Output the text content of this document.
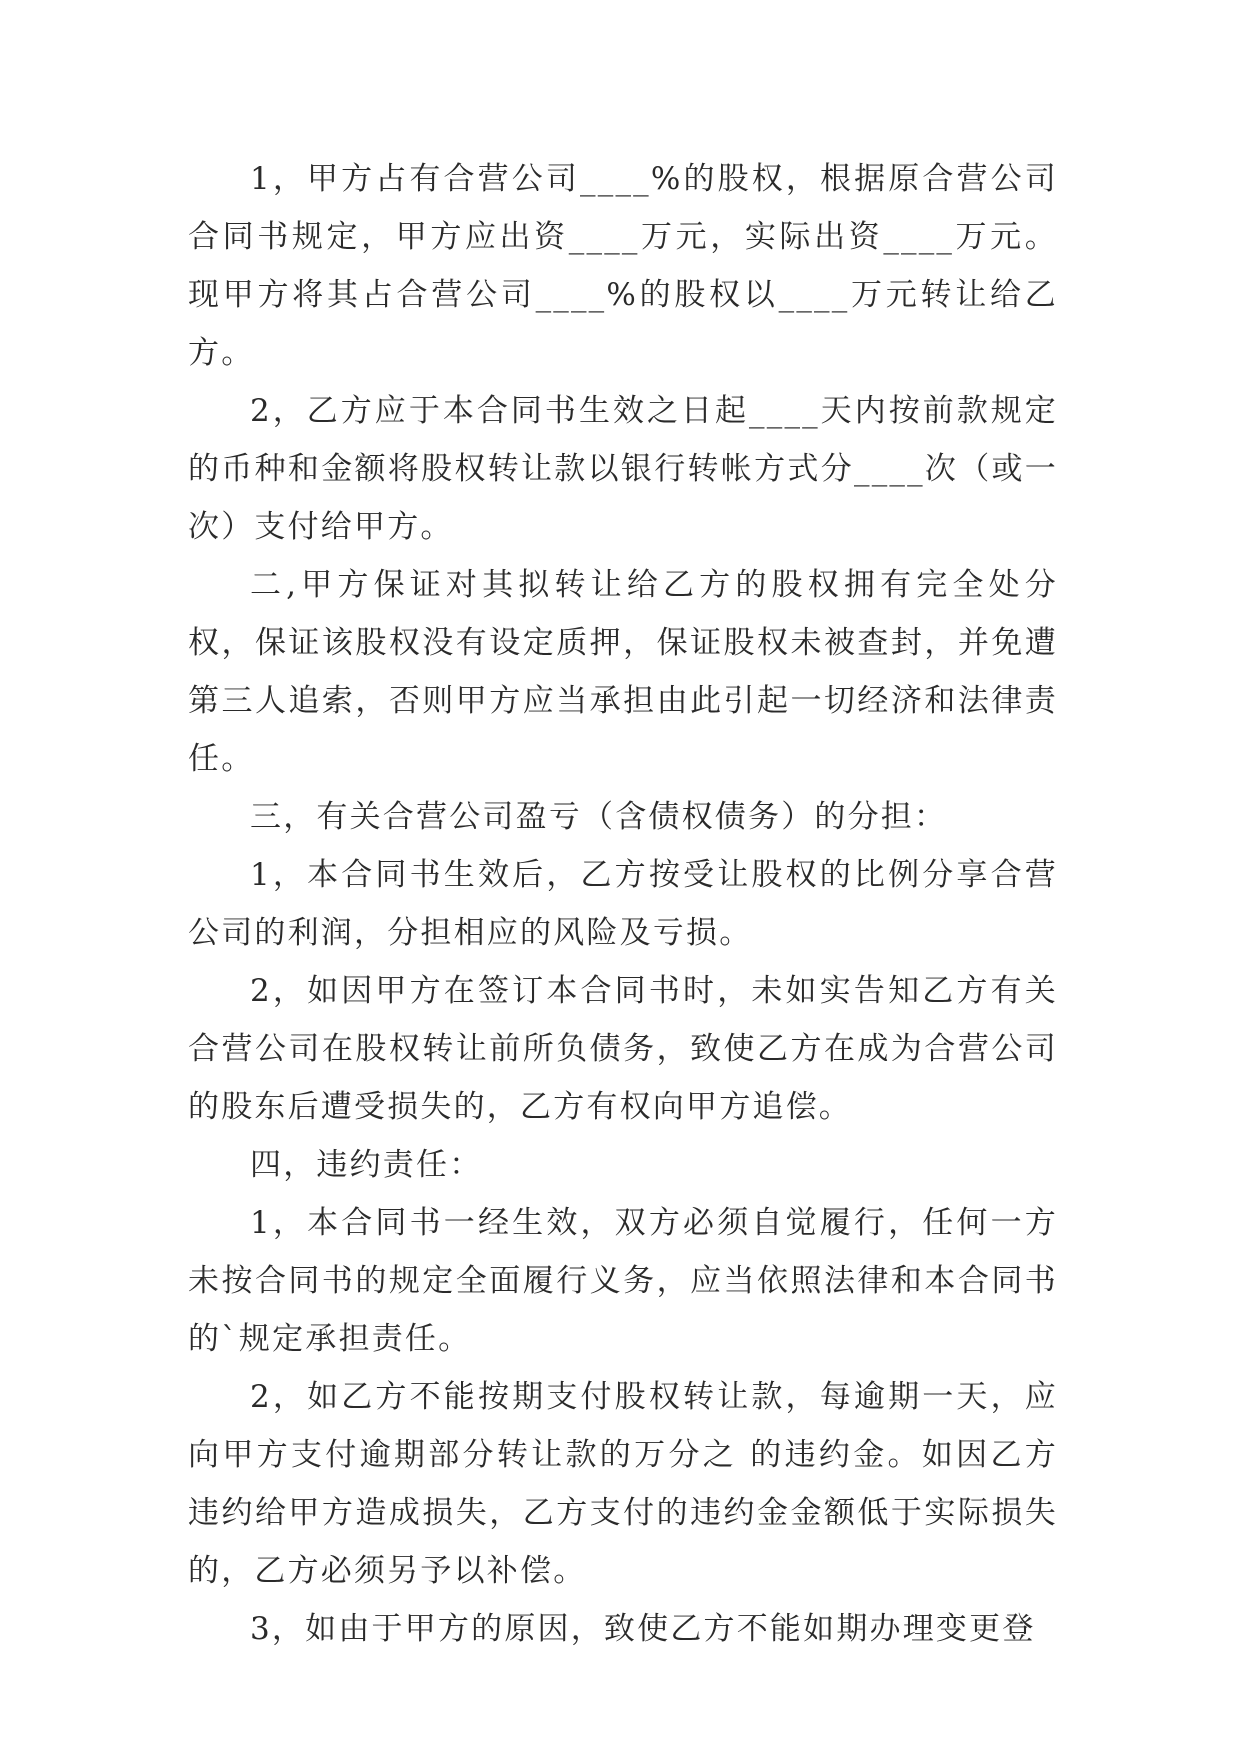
1，甲方占有合营公司____%的股权，根据原合营公司合同书规定，甲方应出资____万元，实际出资____万元。现甲方将其占合营公司____%的股权以____万元转让给乙方。

2，乙方应于本合同书生效之日起____天内按前款规定的币种和金额将股权转让款以银行转帐方式分____次（或一次）支付给甲方。

二,甲方保证对其拟转让给乙方的股权拥有完全处分权，保证该股权没有设定质押，保证股权未被查封，并免遭第三人追索，否则甲方应当承担由此引起一切经济和法律责任。

三，有关合营公司盈亏（含债权债务）的分担：

1，本合同书生效后，乙方按受让股权的比例分享合营公司的利润，分担相应的风险及亏损。

2，如因甲方在签订本合同书时，未如实告知乙方有关合营公司在股权转让前所负债务，致使乙方在成为合营公司的股东后遭受损失的，乙方有权向甲方追偿。

四，违约责任：

1，本合同书一经生效，双方必须自觉履行，任何一方未按合同书的规定全面履行义务，应当依照法律和本合同书的`规定承担责任。

2，如乙方不能按期支付股权转让款，每逾期一天，应向甲方支付逾期部分转让款的万分之 的违约金。如因乙方违约给甲方造成损失，乙方支付的违约金金额低于实际损失的，乙方必须另予以补偿。

3，如由于甲方的原因，致使乙方不能如期办理变更登
